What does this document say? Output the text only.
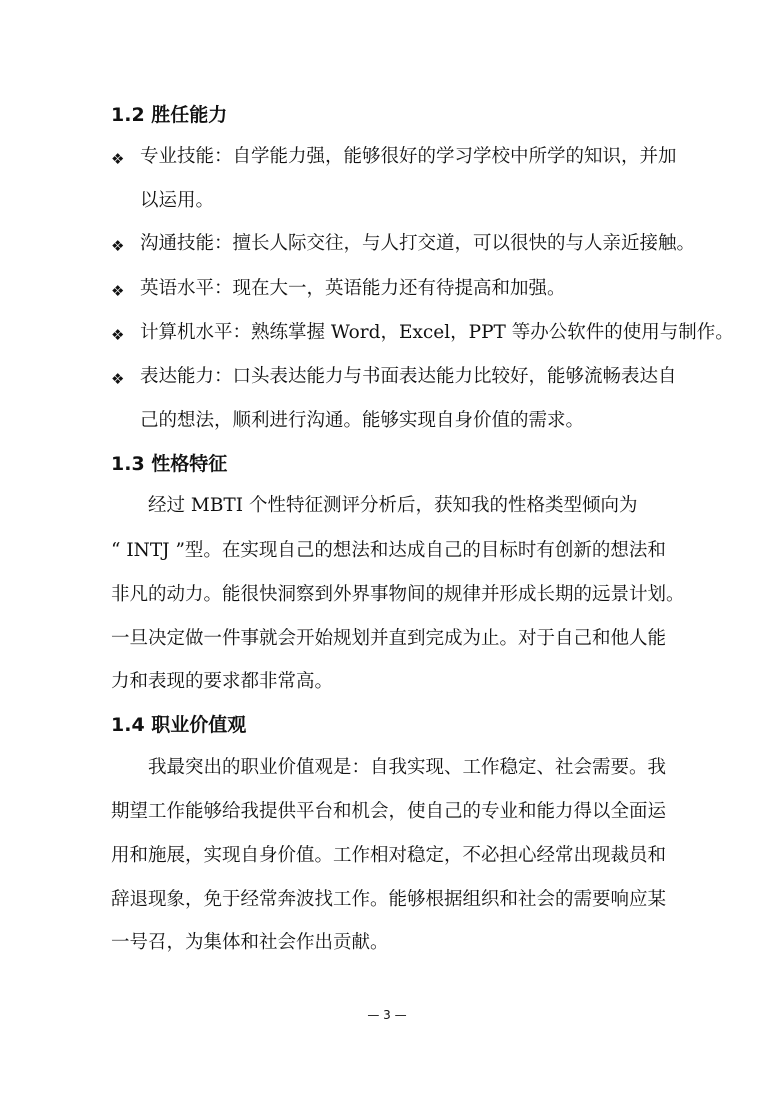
1.2 胜任能力
❖ 专业技能：自学能力强，能够很好的学习学校中所学的知识，并加
以运用。
❖ 沟通技能：擅长人际交往，与人打交道，可以很快的与人亲近接触。
❖ 英语水平：现在大一，英语能力还有待提高和加强。
❖ 计算机水平：熟练掌握 Word，Excel，PPT 等办公软件的使用与制作。
❖ 表达能力：口头表达能力与书面表达能力比较好，能够流畅表达自
己的想法，顺利进行沟通。能够实现自身价值的需求。
1.3 性格特征
经过 MBTI 个性特征测评分析后，获知我的性格类型倾向为
“ INTJ ”型。在实现自己的想法和达成自己的目标时有创新的想法和
非凡的动力。能很快洞察到外界事物间的规律并形成长期的远景计划。
一旦决定做一件事就会开始规划并直到完成为止。对于自己和他人能
力和表现的要求都非常高。
1.4 职业价值观
我最突出的职业价值观是：自我实现、工作稳定、社会需要。我
期望工作能够给我提供平台和机会，使自己的专业和能力得以全面运
用和施展，实现自身价值。工作相对稳定，不必担心经常出现裁员和
辞退现象，免于经常奔波找工作。能够根据组织和社会的需要响应某
一号召，为集体和社会作出贡献。
— 3 —
